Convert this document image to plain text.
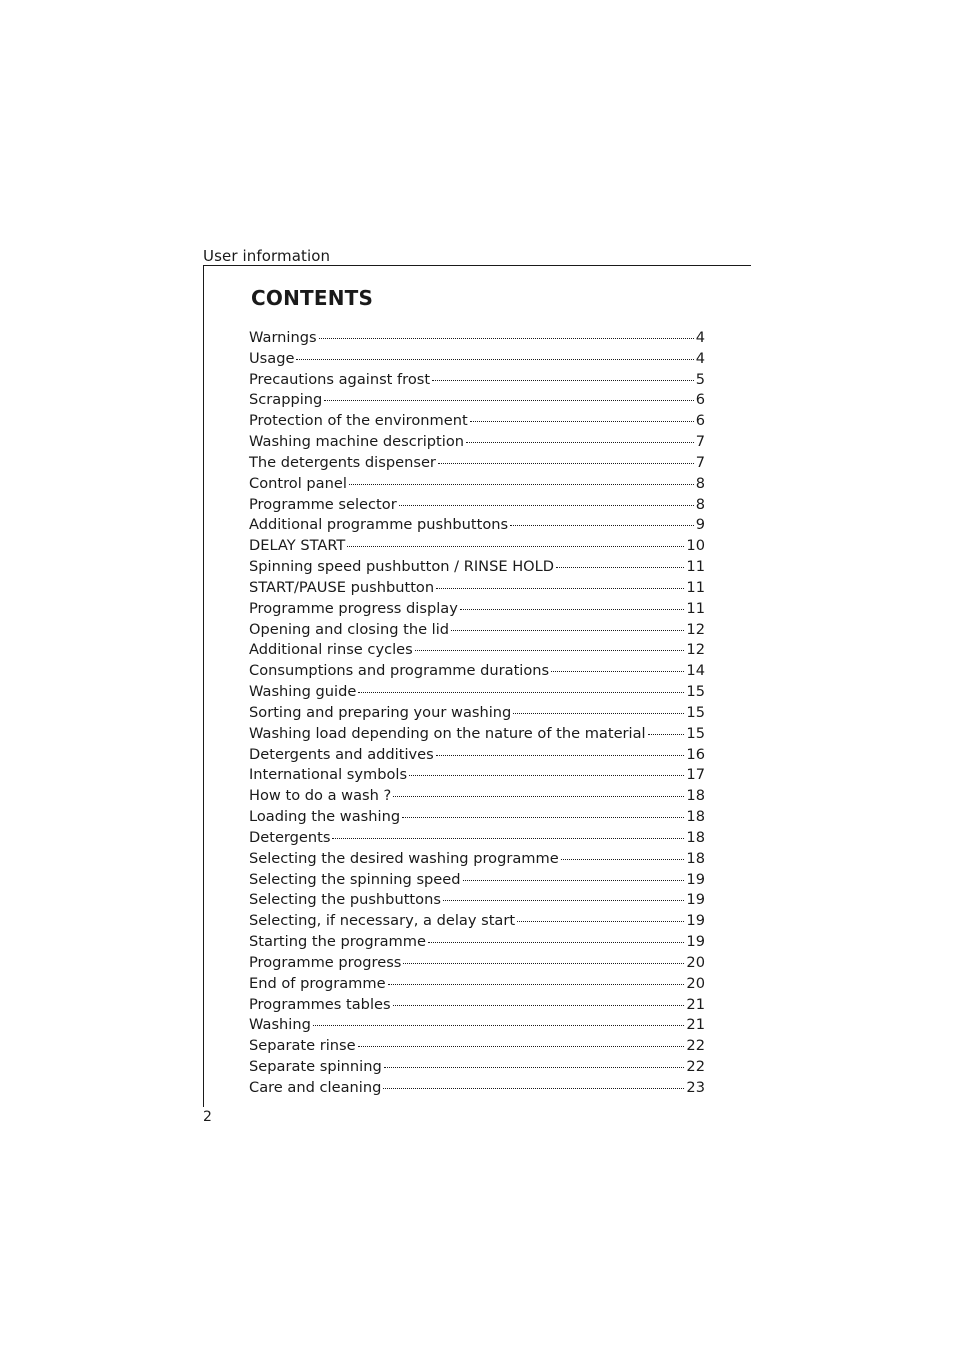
User information
CONTENTS
Warnings	4
Usage	4
Precautions against frost	5
Scrapping	6
Protection of the environment	6
Washing machine description	7
The detergents dispenser	7
Control panel	8
Programme selector	8
Additional programme pushbuttons	9
DELAY START	10
Spinning speed pushbutton / RINSE HOLD	11
START/PAUSE pushbutton	11
Programme progress display	11
Opening and closing the lid	12
Additional rinse cycles	12
Consumptions and programme durations	14
Washing guide	15
Sorting and preparing your washing	15
Washing load depending on the nature of the material	15
Detergents and additives	16
International symbols	17
How to do a wash ?	18
Loading the washing	18
Detergents	18
Selecting the desired washing programme	18
Selecting the spinning speed	19
Selecting the pushbuttons	19
Selecting, if necessary, a delay start	19
Starting the programme	19
Programme progress	20
End of programme	20
Programmes tables	21
Washing	21
Separate rinse	22
Separate spinning	22
Care and cleaning	23
2
